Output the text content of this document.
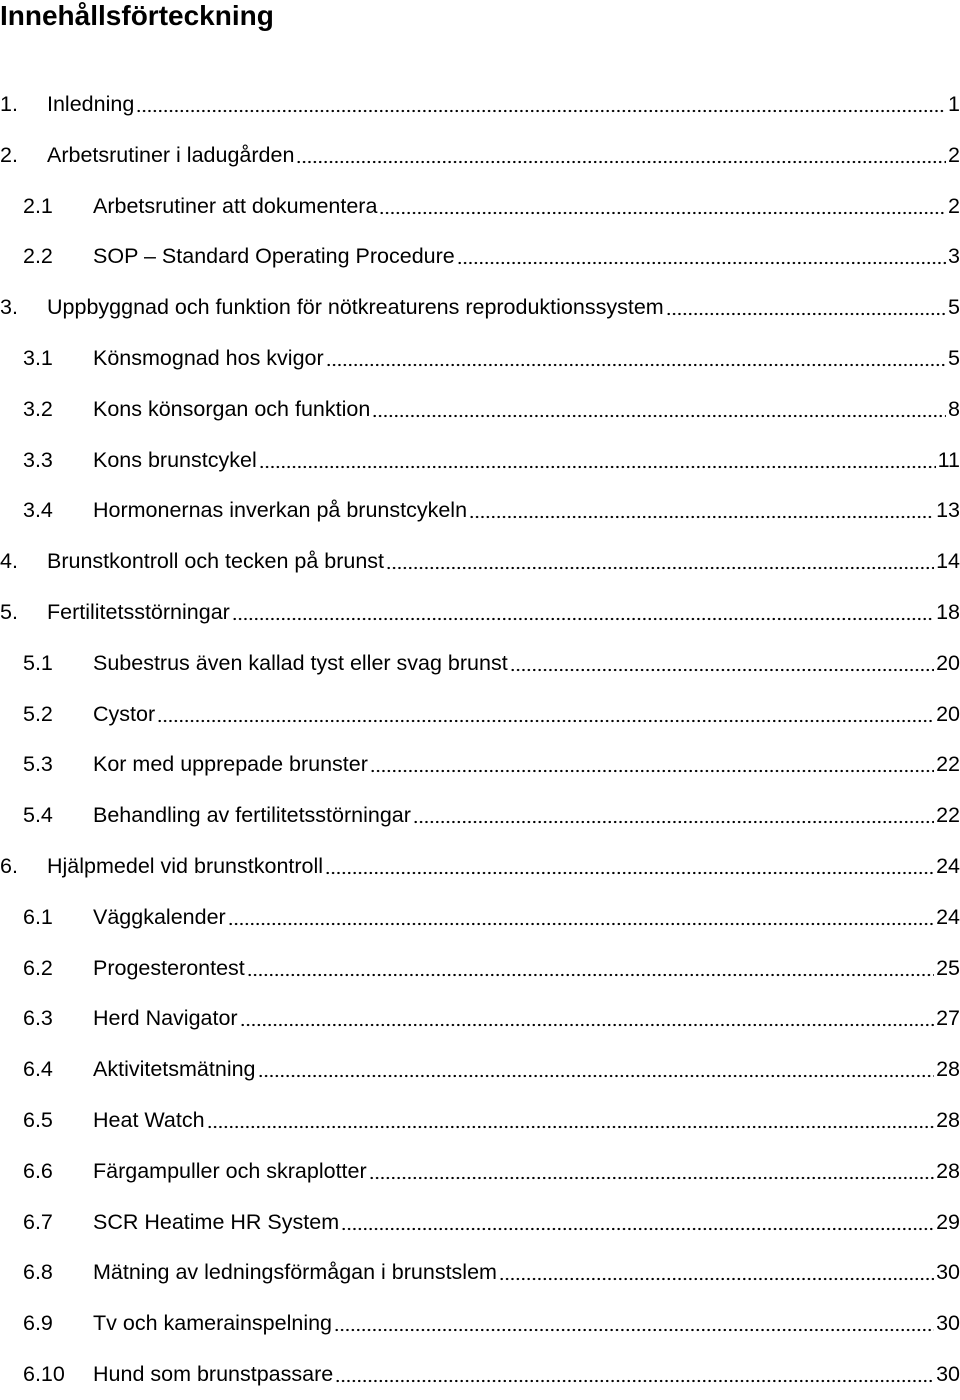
Innehållsförteckning
1.	Inledning	1
2.	Arbetsrutiner i ladugården	2
2.1	Arbetsrutiner att dokumentera	2
2.2	SOP – Standard Operating Procedure	3
3.	Uppbyggnad och funktion för nötkreaturens reproduktionssystem	5
3.1	Könsmognad hos kvigor	5
3.2	Kons könsorgan och funktion	8
3.3	Kons brunstcykel	11
3.4	Hormonernas inverkan på brunstcykeln	13
4.	Brunstkontroll och tecken på brunst	14
5.	Fertilitetsstörningar	18
5.1	Subestrus även kallad tyst eller svag brunst	20
5.2	Cystor	20
5.3	Kor med upprepade brunster	22
5.4	Behandling av fertilitetsstörningar	22
6.	Hjälpmedel vid brunstkontroll	24
6.1	Väggkalender	24
6.2	Progesterontest	25
6.3	Herd Navigator	27
6.4	Aktivitetsmätning	28
6.5	Heat Watch	28
6.6	Färgampuller och skraplotter	28
6.7	SCR Heatime HR System	29
6.8	Mätning av ledningsförmågan i brunstslem	30
6.9	Tv och kamerainspelning	30
6.10	Hund som brunstpassare	30
